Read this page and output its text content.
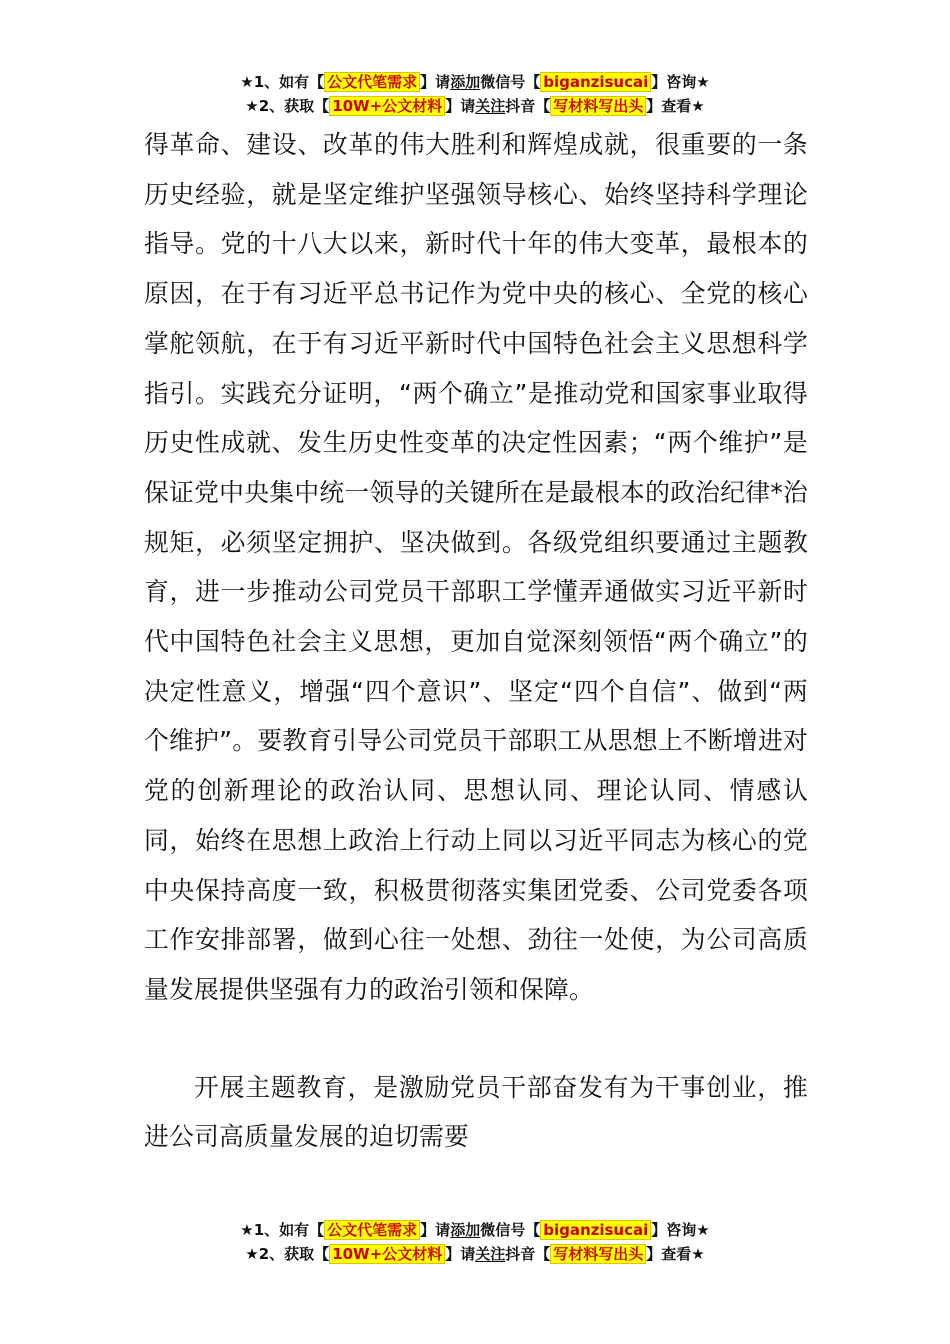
★1、如有【 公文代笔需求 】请添加微信号【 biganzisucai 】咨询★
★2、获取【 10W+公文材料 】请关注抖音【 写材料写出头 】查看★

得革命、建设、改革的伟大胜利和辉煌成就，很重要的一条历史经验，就是坚定维护坚强领导核心、始终坚持科学理论指导。党的十八大以来，新时代十年的伟大变革，最根本的原因，在于有习近平总书记作为党中央的核心、全党的核心掌舵领航，在于有习近平新时代中国特色社会主义思想科学指引。实践充分证明，“两个确立”是推动党和国家事业取得历史性成就、发生历史性变革的决定性因素；“两个维护”是保证党中央集中统一领导的关键所在是最根本的政治纪律*治规矩，必须坚定拥护、坚决做到。各级党组织要通过主题教育，进一步推动公司党员干部职工学懂弄通做实习近平新时代中国特色社会主义思想，更加自觉深刻领悟“两个确立”的决定性意义，增强“四个意识”、坚定“四个自信”、做到“两个维护”。要教育引导公司党员干部职工从思想上不断增进对党的创新理论的政治认同、思想认同、理论认同、情感认同，始终在思想上政治上行动上同以习近平同志为核心的党中央保持高度一致，积极贯彻落实集团党委、公司党委各项工作安排部署，做到心往一处想、劲往一处使，为公司高质量发展提供坚强有力的政治引领和保障。

开展主题教育，是激励党员干部奋发有为干事创业，推进公司高质量发展的迫切需要

★1、如有【 公文代笔需求 】请添加微信号【 biganzisucai 】咨询★
★2、获取【 10W+公文材料 】请关注抖音【 写材料写出头 】查看★
